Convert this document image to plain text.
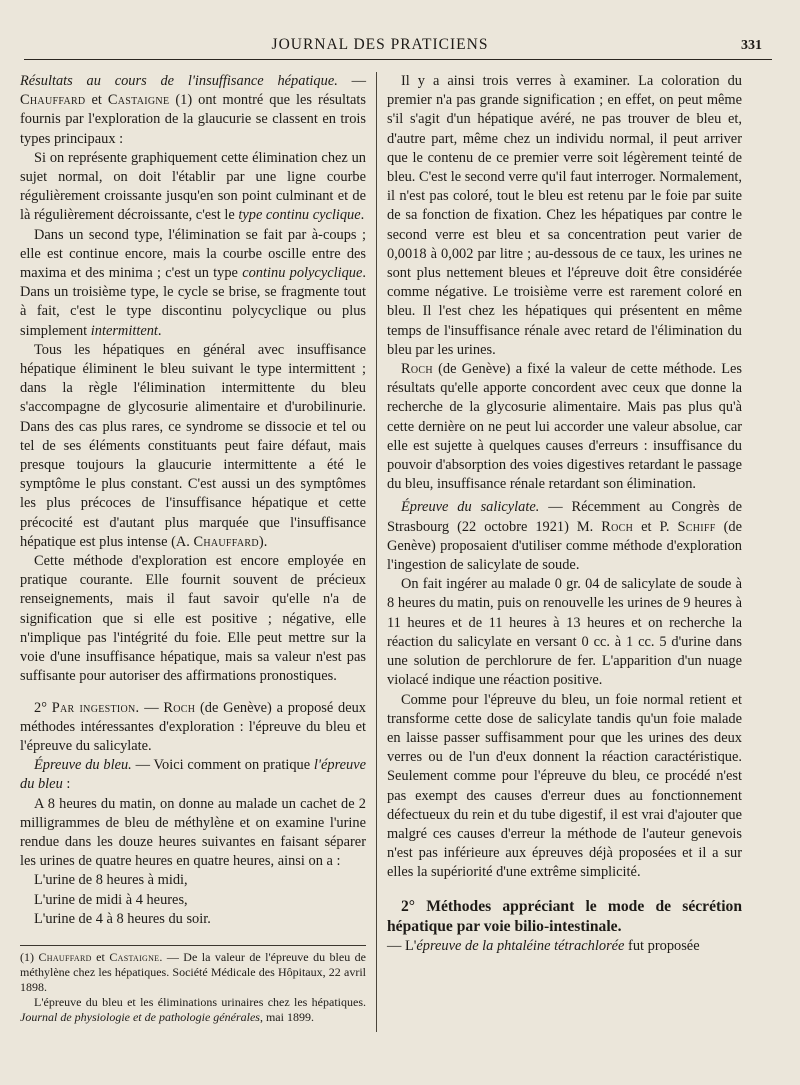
JOURNAL DES PRATICIENS	331

Résultats au cours de l'insuffisance hépatique. — Chauffard et Castaigne (1) ont montré que les résultats fournis par l'exploration de la glaucurie se classent en trois types principaux :

Si on représente graphiquement cette élimination chez un sujet normal, on doit l'établir par une ligne courbe régulièrement croissante jusqu'en son point culminant et de là régulièrement décroissante, c'est le type continu cyclique.

Dans un second type, l'élimination se fait par à-coups ; elle est continue encore, mais la courbe oscille entre des maxima et des minima ; c'est un type continu polycyclique. Dans un troisième type, le cycle se brise, se fragmente tout à fait, c'est le type discontinu polycyclique ou plus simplement intermittent.

Tous les hépatiques en général avec insuffisance hépatique éliminent le bleu suivant le type intermittent ; dans la règle l'élimination intermittente du bleu s'accompagne de glycosurie alimentaire et d'urobilinurie. Dans des cas plus rares, ce syndrome se dissocie et tel ou tel de ses éléments constituants peut faire défaut, mais presque toujours la glaucurie intermittente a été le symptôme le plus constant. C'est aussi un des symptômes les plus précoces de l'insuffisance hépatique et cette précocité est d'autant plus marquée que l'insuffisance hépatique est plus intense (A. Chauffard).

Cette méthode d'exploration est encore employée en pratique courante. Elle fournit souvent de précieux renseignements, mais il faut savoir qu'elle n'a de signification que si elle est positive ; négative, elle n'implique pas l'intégrité du foie. Elle peut mettre sur la voie d'une insuffisance hépatique, mais sa valeur n'est pas suffisante pour autoriser des affirmations pronostiques.

2° Par ingestion. — Roch (de Genève) a proposé deux méthodes intéressantes d'exploration : l'épreuve du bleu et l'épreuve du salicylate.

Épreuve du bleu. — Voici comment on pratique l'épreuve du bleu :

A 8 heures du matin, on donne au malade un cachet de 2 milligrammes de bleu de méthylène et on examine l'urine rendue dans les douze heures suivantes en faisant séparer les urines de quatre heures en quatre heures, ainsi on a :

L'urine de 8 heures à midi,

L'urine de midi à 4 heures,

L'urine de 4 à 8 heures du soir.

(1) Chauffard et Castaigne. — De la valeur de l'épreuve du bleu de méthylène chez les hépatiques. Société Médicale des Hôpitaux, 22 avril 1898.

L'épreuve du bleu et les éliminations urinaires chez les hépatiques. Journal de physiologie et de pathologie générales, mai 1899.

Il y a ainsi trois verres à examiner. La coloration du premier n'a pas grande signification ; en effet, on peut même s'il s'agit d'un hépatique avéré, ne pas trouver de bleu et, d'autre part, même chez un individu normal, il peut arriver que le contenu de ce premier verre soit légèrement teinté de bleu. C'est le second verre qu'il faut interroger. Normalement, il n'est pas coloré, tout le bleu est retenu par le foie par suite de sa fonction de fixation. Chez les hépatiques par contre le second verre est bleu et sa concentration peut varier de 0,0018 à 0,002 par litre ; au-dessous de ce taux, les urines ne sont plus nettement bleues et l'épreuve doit être considérée comme négative. Le troisième verre est rarement coloré en bleu. Il l'est chez les hépatiques qui présentent en même temps de l'insuffisance rénale avec retard de l'élimination du bleu par les urines.

Roch (de Genève) a fixé la valeur de cette méthode. Les résultats qu'elle apporte concordent avec ceux que donne la recherche de la glycosurie alimentaire. Mais pas plus qu'à cette dernière on ne peut lui accorder une valeur absolue, car elle est sujette à quelques causes d'erreurs : insuffisance du pouvoir d'absorption des voies digestives retardant le passage du bleu, insuffisance rénale retardant son élimination.

Épreuve du salicylate. — Récemment au Congrès de Strasbourg (22 octobre 1921) M. Roch et P. Schiff (de Genève) proposaient d'utiliser comme méthode d'exploration l'ingestion de salicylate de soude.

On fait ingérer au malade 0 gr. 04 de salicylate de soude à 8 heures du matin, puis on renouvelle les urines de 9 heures à 11 heures et de 11 heures à 13 heures et on recherche la réaction du salicylate en versant 0 cc. à 1 cc. 5 d'urine dans une solution de perchlorure de fer. L'apparition d'un nuage violacé indique une réaction positive.

Comme pour l'épreuve du bleu, un foie normal retient et transforme cette dose de salicylate tandis qu'un foie malade en laisse passer suffisamment pour que les urines des deux verres ou de l'un d'eux donnent la réaction caractéristique. Seulement comme pour l'épreuve du bleu, ce procédé n'est pas exempt des causes d'erreur dues au fonctionnement défectueux du rein et du tube digestif, il est vrai d'ajouter que malgré ces causes d'erreur la méthode de l'auteur genevois n'est pas inférieure aux épreuves déjà proposées et il a sur elles la supériorité d'une extrême simplicité.

2° Méthodes appréciant le mode de sécrétion hépatique par voie bilio-intestinale.

— L'épreuve de la phtaléine tétrachlorée fut proposée
